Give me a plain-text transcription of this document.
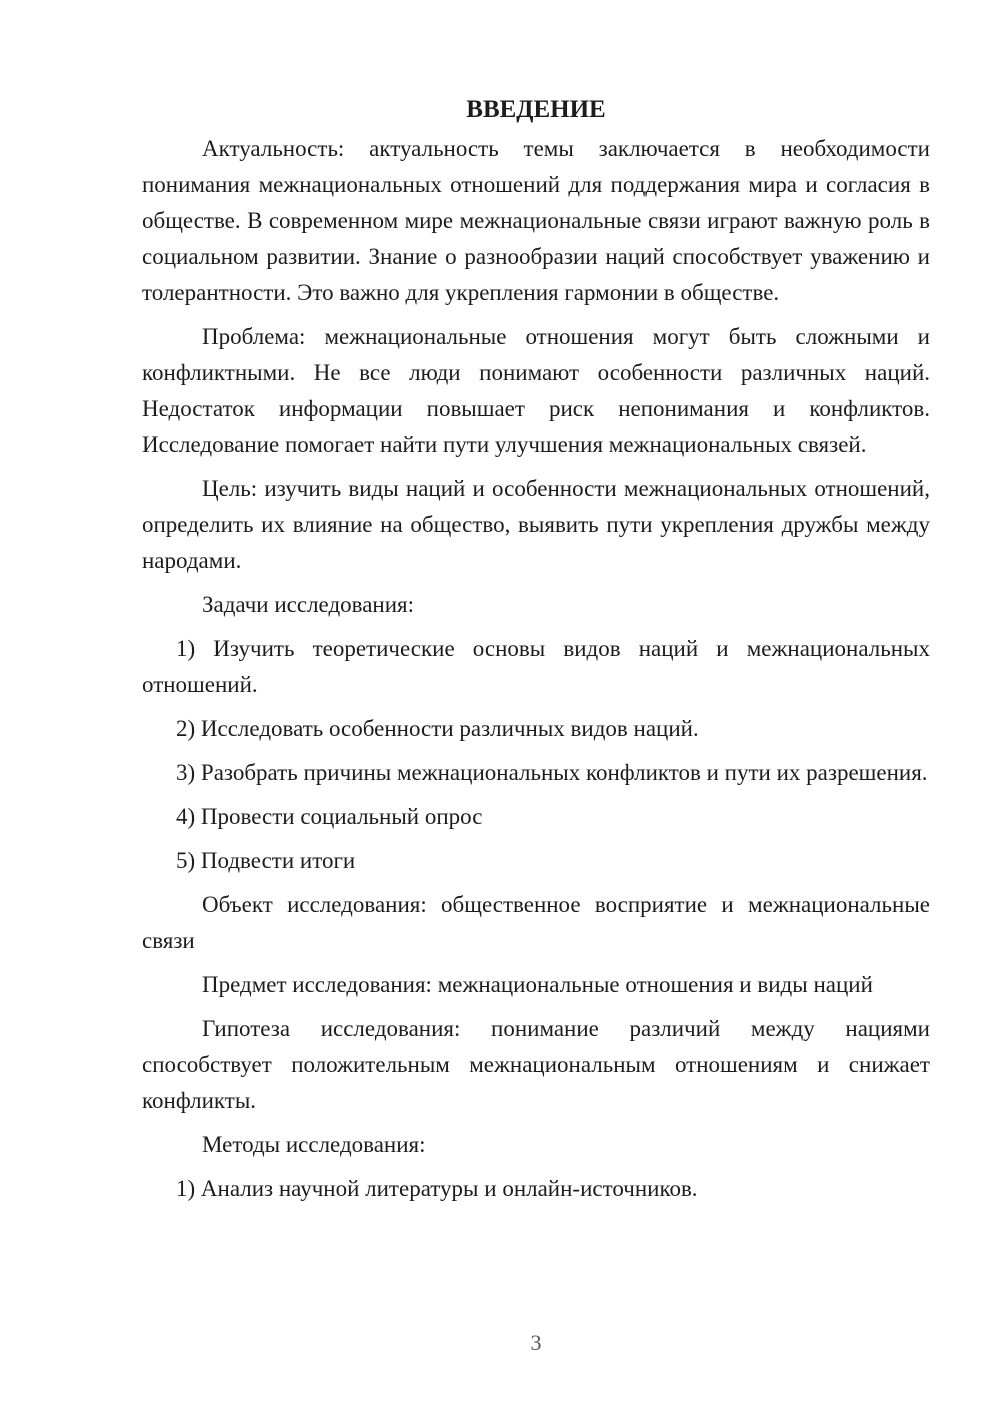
ВВЕДЕНИЕ

Актуальность: актуальность темы заключается в необходимости понимания межнациональных отношений для поддержания мира и согласия в обществе. В современном мире межнациональные связи играют важную роль в социальном развитии. Знание о разнообразии наций способствует уважению и толерантности. Это важно для укрепления гармонии в обществе.

Проблема: межнациональные отношения могут быть сложными и конфликтными. Не все люди понимают особенности различных наций. Недостаток информации повышает риск непонимания и конфликтов. Исследование помогает найти пути улучшения межнациональных связей.

Цель: изучить виды наций и особенности межнациональных отношений, определить их влияние на общество, выявить пути укрепления дружбы между народами.

Задачи исследования:

1) Изучить теоретические основы видов наций и межнациональных отношений.

2) Исследовать особенности различных видов наций.

3) Разобрать причины межнациональных конфликтов и пути их разрешения.

4) Провести социальный опрос

5) Подвести итоги

Объект исследования: общественное восприятие и межнациональные связи

Предмет исследования: межнациональные отношения и виды наций

Гипотеза исследования: понимание различий между нациями способствует положительным межнациональным отношениям и снижает конфликты.

Методы исследования:

1) Анализ научной литературы и онлайн-источников.

3
